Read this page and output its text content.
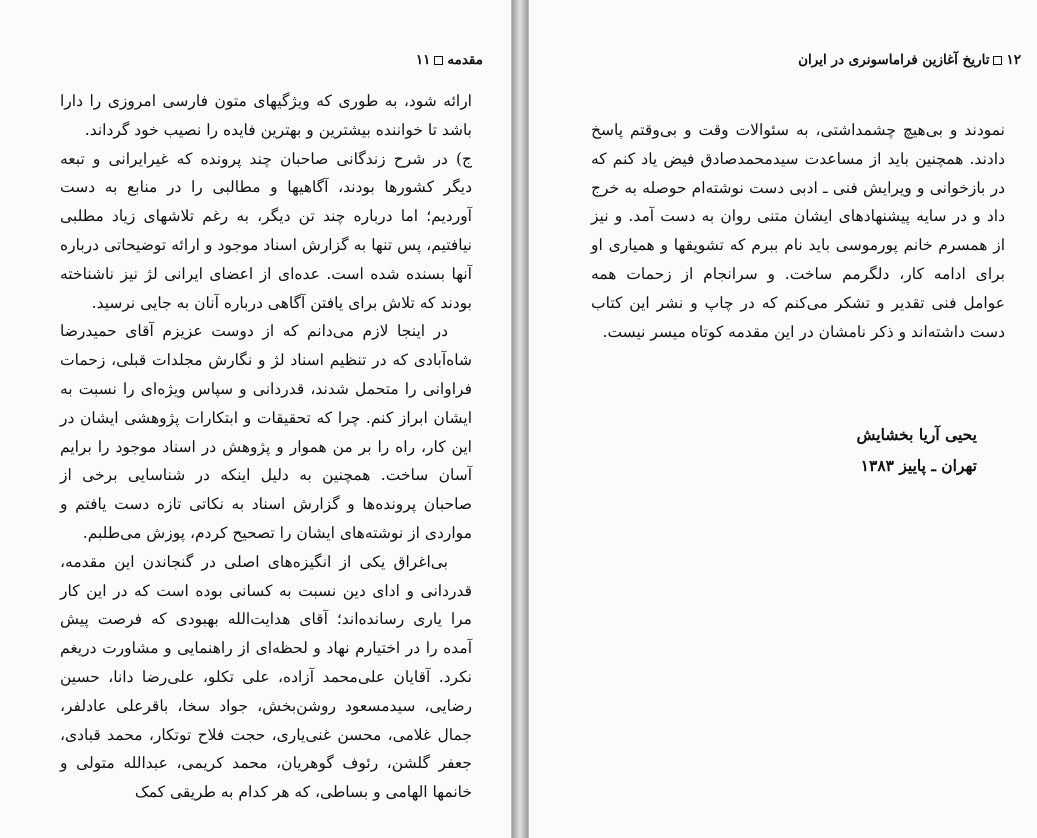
مقدمه۱۱

ارائه شود، به طوری که ویژگیهای متون فارسی امروزی را دارا باشد تا خواننده بیشترین و بهترین فایده را نصیب خود گرداند.

ج) در شرح زندگانی صاحبان چند پرونده که غیرایرانی و تبعه دیگر کشورها بودند، آگاهیها و مطالبی را در منابع به دست آوردیم؛ اما درباره چند تن دیگر، به رغم تلاشهای زیاد مطلبی نیافتیم، پس تنها به گزارش اسناد موجود و ارائه توضیحاتی درباره آنها بسنده شده است. عده‌ای از اعضای ایرانی لژ نیز ناشناخته بودند که تلاش برای یافتن آگاهی درباره آنان به جایی نرسید.

در اینجا لازم می‌دانم که از دوست عزیزم آقای حمیدرضا شاه‌آبادی که در تنظیم اسناد لژ و نگارش مجلدات قبلی، زحمات فراوانی را متحمل شدند، قدردانی و سپاس ویژه‌ای را نسبت به ایشان ابراز کنم. چرا که تحقیقات و ابتکارات پژوهشی ایشان در این کار، راه را بر من هموار و پژوهش در اسناد موجود را برایم آسان ساخت. همچنین به دلیل اینکه در شناسایی برخی از صاحبان پرونده‌ها و گزارش اسناد به نکاتی تازه دست یافتم و مواردی از نوشته‌های ایشان را تصحیح کردم، پوزش می‌طلبم.

بی‌اغراق یکی از انگیزه‌های اصلی در گنجاندن این مقدمه، قدردانی و ادای دین نسبت به کسانی بوده است که در این کار مرا یاری رسانده‌اند؛ آقای هدایت‌الله بهبودی که فرصت پیش آمده را در اختیارم نهاد و لحظه‌ای از راهنمایی و مشاورت دریغم نکرد. آقایان علی‌محمد آزاده، علی تکلو، علی‌رضا دانا، حسین رضایی، سیدمسعود روشن‌بخش، جواد سخا، باقرعلی عادلفر، جمال غلامی، محسن غنی‌یاری، حجت فلاح توتکار، محمد قبادی، جعفر گلشن، رئوف گوهریان، محمد کریمی، عبدالله متولی و خانمها الهامی و بساطی، که هر کدام به طریقی کمک

۱۲تاریخ آغازین فراماسونری در ایران

نمودند و بی‌هیچ چشمداشتی، به سئوالات وقت و بی‌وقتم پاسخ دادند. همچنین باید از مساعدت سیدمحمدصادق فیض یاد کنم که در بازخوانی و ویرایش فنی ـ ادبی دست نوشته‌ام حوصله به خرج داد و در سایه پیشنهادهای ایشان متنی روان به دست آمد. و نیز از همسرم خانم پورموسی باید نام ببرم که تشویقها و همیاری او برای ادامه کار، دلگرمم ساخت. و سرانجام از زحمات همه عوامل فنی تقدیر و تشکر می‌کنم که در چاپ و نشر این کتاب دست داشته‌اند و ذکر نامشان در این مقدمه کوتاه میسر نیست.

یحیی آریا بخشایش
تهران ـ پاییز ۱۳۸۳
